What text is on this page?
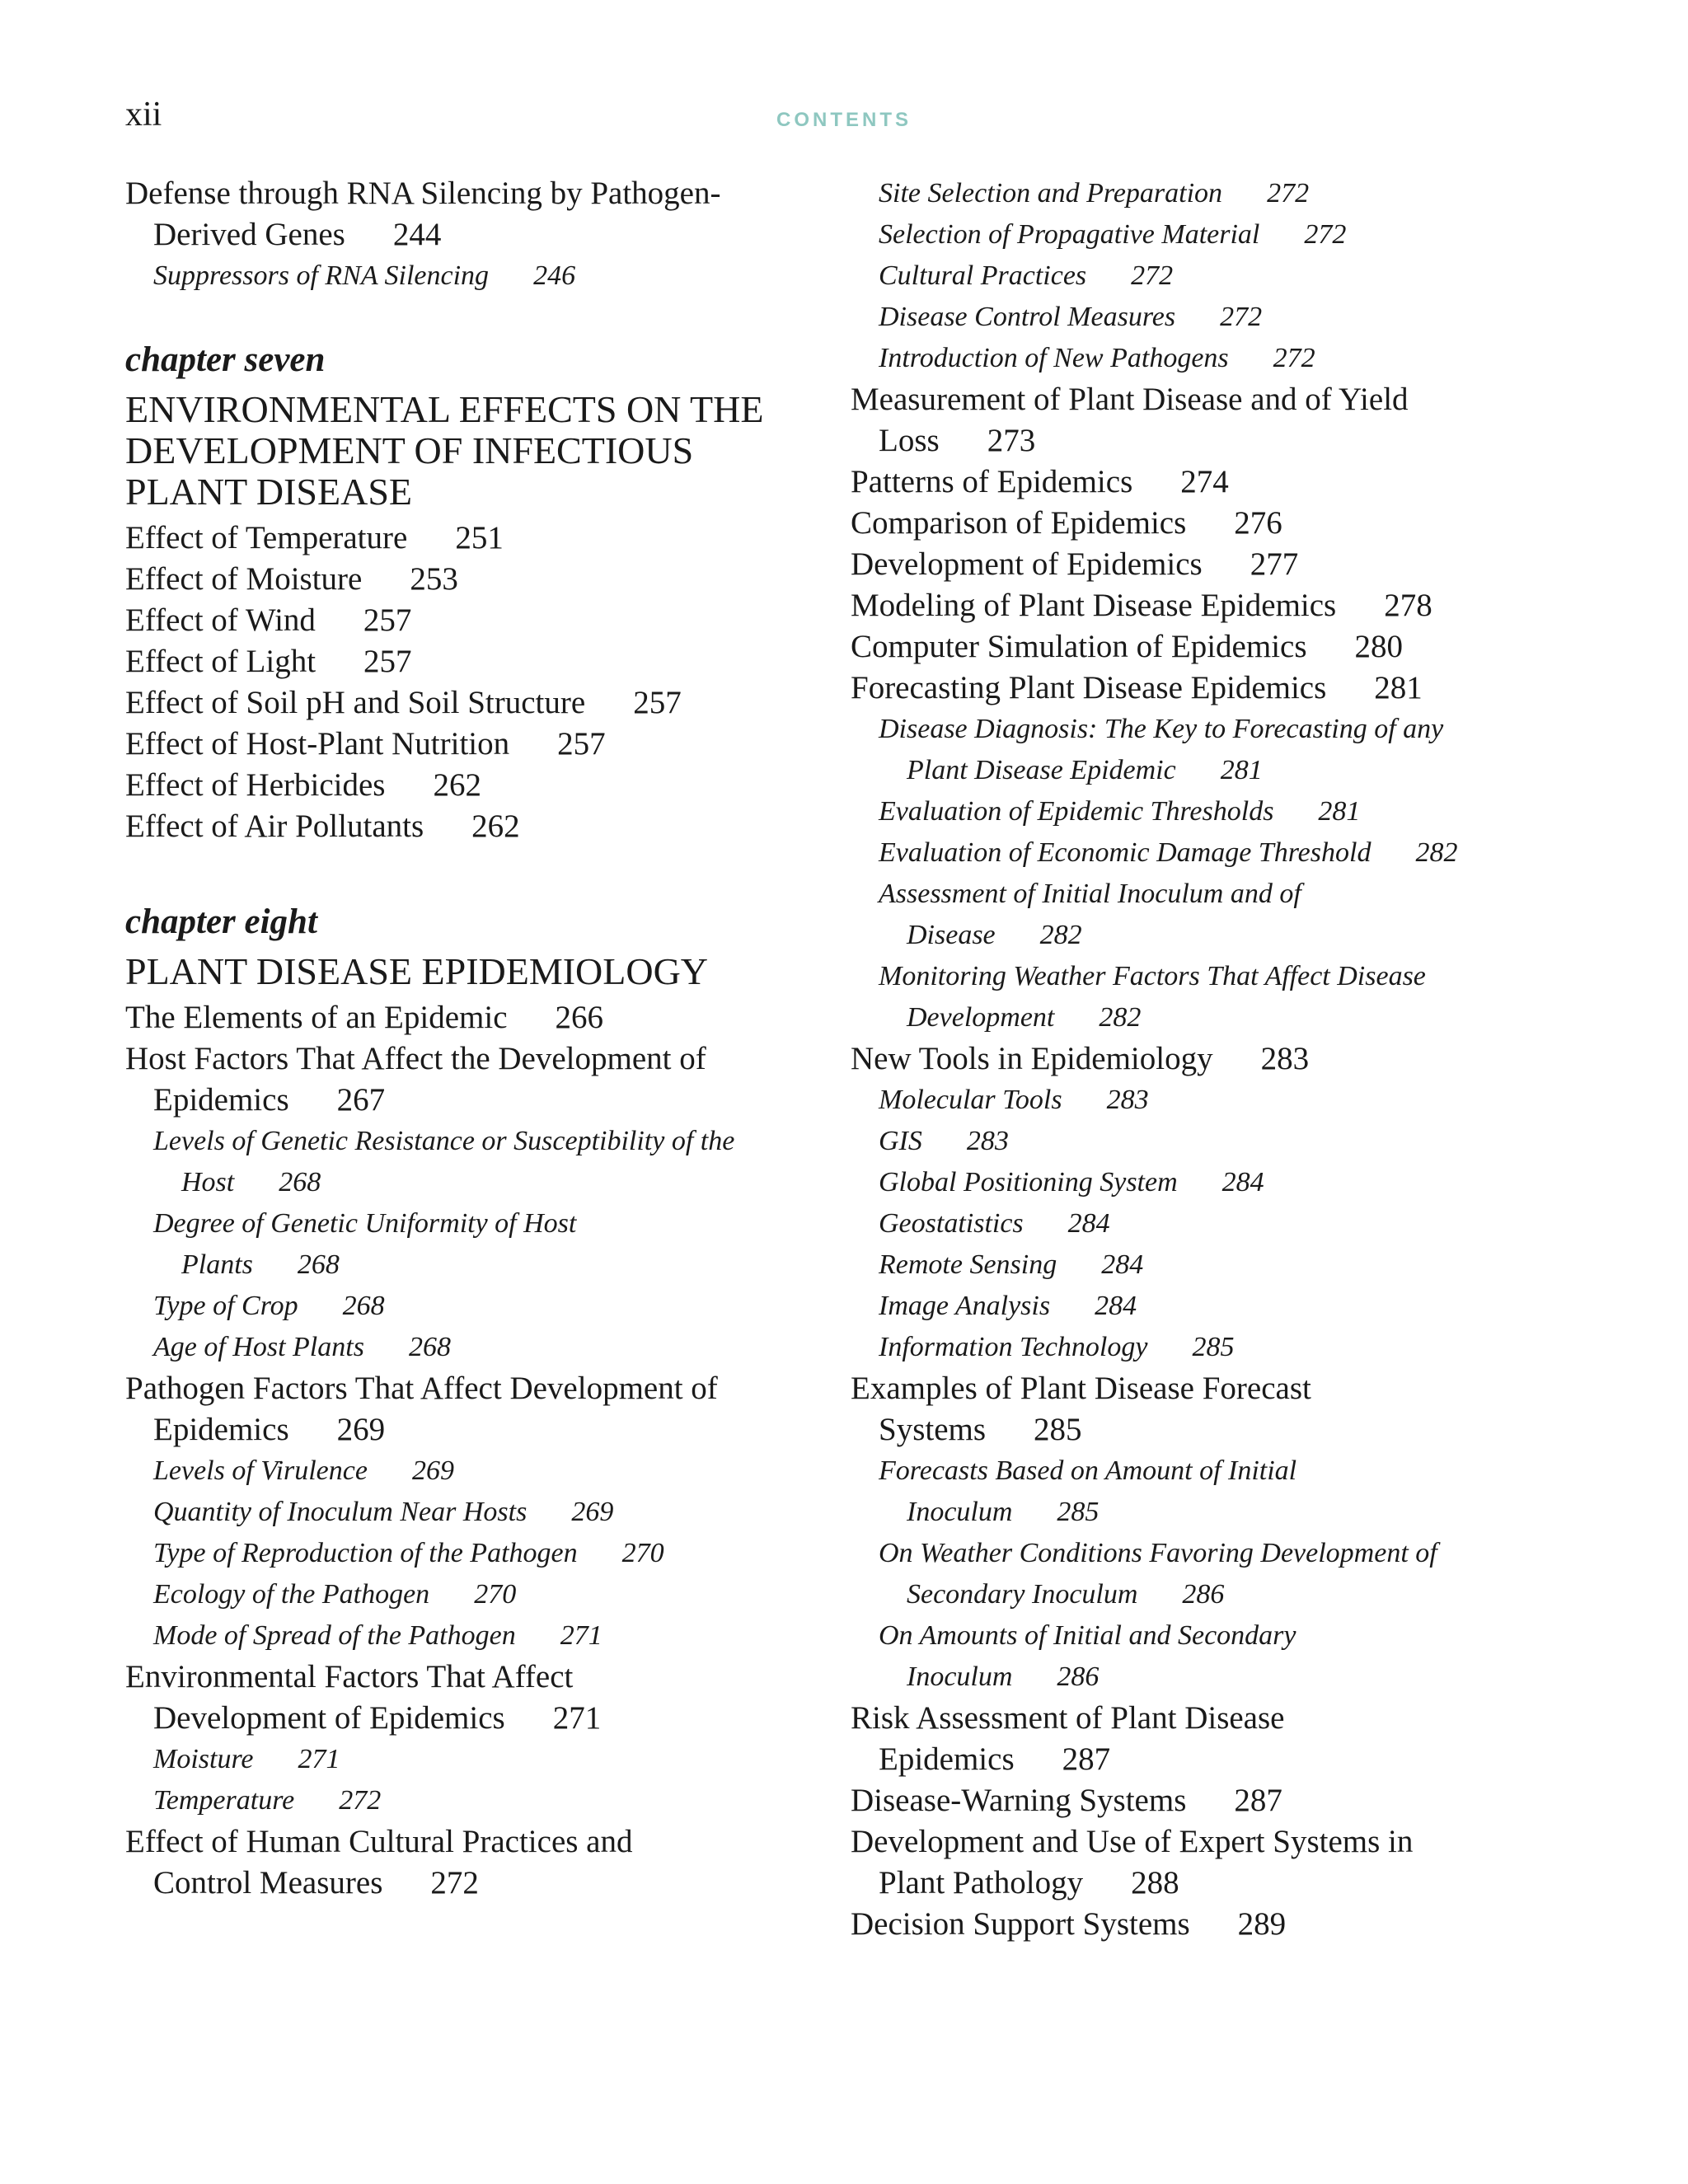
xii	CONTENTS
Defense through RNA Silencing by Pathogen-
Derived Genes 244
Suppressors of RNA Silencing 246
chapter seven
ENVIRONMENTAL EFFECTS ON THE
DEVELOPMENT OF INFECTIOUS
PLANT DISEASE
Effect of Temperature 251
Effect of Moisture 253
Effect of Wind 257
Effect of Light 257
Effect of Soil pH and Soil Structure 257
Effect of Host-Plant Nutrition 257
Effect of Herbicides 262
Effect of Air Pollutants 262
chapter eight
PLANT DISEASE EPIDEMIOLOGY
The Elements of an Epidemic 266
Host Factors That Affect the Development of
Epidemics 267
Levels of Genetic Resistance or Susceptibility of the
Host 268
Degree of Genetic Uniformity of Host
Plants 268
Type of Crop 268
Age of Host Plants 268
Pathogen Factors That Affect Development of
Epidemics 269
Levels of Virulence 269
Quantity of Inoculum Near Hosts 269
Type of Reproduction of the Pathogen 270
Ecology of the Pathogen 270
Mode of Spread of the Pathogen 271
Environmental Factors That Affect
Development of Epidemics 271
Moisture 271
Temperature 272
Effect of Human Cultural Practices and
Control Measures 272
Site Selection and Preparation 272
Selection of Propagative Material 272
Cultural Practices 272
Disease Control Measures 272
Introduction of New Pathogens 272
Measurement of Plant Disease and of Yield
Loss 273
Patterns of Epidemics 274
Comparison of Epidemics 276
Development of Epidemics 277
Modeling of Plant Disease Epidemics 278
Computer Simulation of Epidemics 280
Forecasting Plant Disease Epidemics 281
Disease Diagnosis: The Key to Forecasting of any
Plant Disease Epidemic 281
Evaluation of Epidemic Thresholds 281
Evaluation of Economic Damage Threshold 282
Assessment of Initial Inoculum and of
Disease 282
Monitoring Weather Factors That Affect Disease
Development 282
New Tools in Epidemiology 283
Molecular Tools 283
GIS 283
Global Positioning System 284
Geostatistics 284
Remote Sensing 284
Image Analysis 284
Information Technology 285
Examples of Plant Disease Forecast
Systems 285
Forecasts Based on Amount of Initial
Inoculum 285
On Weather Conditions Favoring Development of
Secondary Inoculum 286
On Amounts of Initial and Secondary
Inoculum 286
Risk Assessment of Plant Disease
Epidemics 287
Disease-Warning Systems 287
Development and Use of Expert Systems in
Plant Pathology 288
Decision Support Systems 289
